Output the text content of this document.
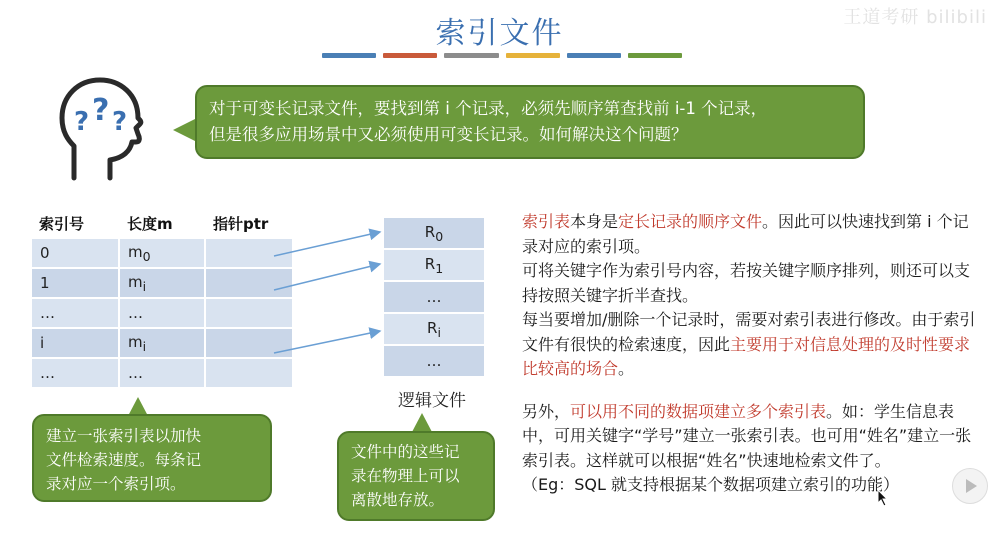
王道考研 bilibili
索引文件
? ? ?	对于可变长记录文件，要找到第 i 个记录，必须先顺序第查找前 i-1 个记录，
但是很多应用场景中又必须使用可变长记录。如何解决这个问题？
索引号	长度m	指针ptr
0	$m_0$	
1	$m_i$	
…	…	
i	$m_i$	
…	…	
$R_0$
$R_1$
…
$R_i$
…
逻辑文件
建立一张索引表以加快
文件检索速度。每条记
录对应一个索引项。
文件中的这些记
录在物理上可以
离散地存放。

索引表本身是定长记录的顺序文件。因此可以快速找到第 i 个记录对应的索引项。

可将关键字作为索引号内容，若按关键字顺序排列，则还可以支持按照关键字折半查找。

每当要增加/删除一个记录时，需要对索引表进行修改。由于索引文件有很快的检索速度，因此主要用于对信息处理的及时性要求比较高的场合。

另外，可以用不同的数据项建立多个索引表。如：学生信息表中，可用关键字“学号”建立一张索引表。也可用“姓名”建立一张索引表。这样就可以根据“姓名”快速地检索文件了。

（Eg：SQL 就支持根据某个数据项建立索引的功能）
